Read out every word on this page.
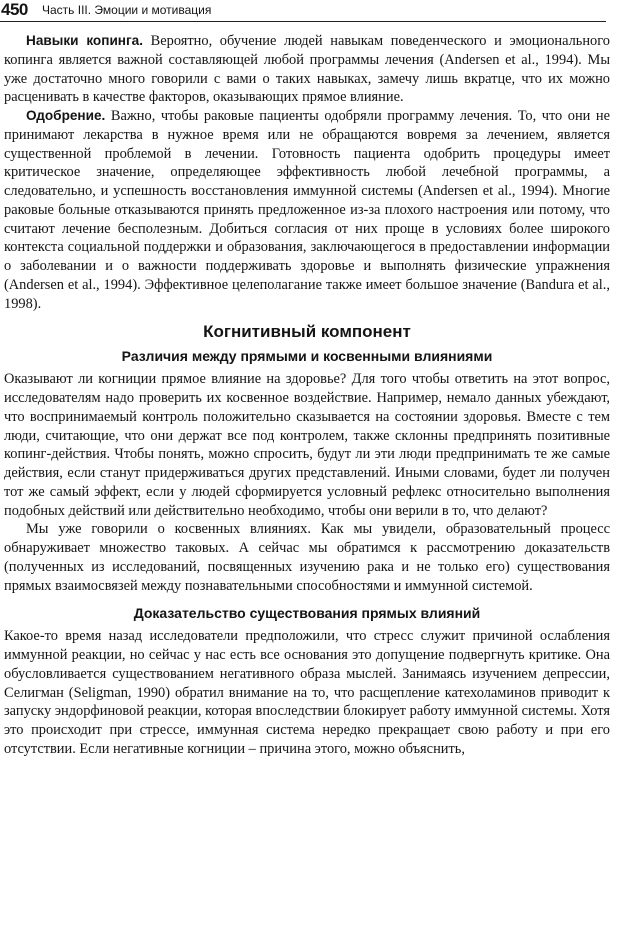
450 Часть III. Эмоции и мотивация

Навыки копинга. Вероятно, обучение людей навыкам поведенческого и эмоционального копинга является важной составляющей любой программы лечения (Andersen et al., 1994). Мы уже достаточно много говорили с вами о таких навыках, замечу лишь вкратце, что их можно расценивать в качестве факторов, оказывающих прямое влияние.

Одобрение. Важно, чтобы раковые пациенты одобряли программу лечения. То, что они не принимают лекарства в нужное время или не обращаются вовремя за лечением, является существенной проблемой в лечении. Готовность пациента одобрить процедуры имеет критическое значение, определяющее эффективность любой лечебной программы, а следовательно, и успешность восстановления иммунной системы (Andersen et al., 1994). Многие раковые больные отказываются принять предложенное из-за плохого настроения или потому, что считают лечение бесполезным. Добиться согласия от них проще в условиях более широкого контекста социальной поддержки и образования, заключающегося в предоставлении информации о заболевании и о важности поддерживать здоровье и выполнять физические упражнения (Andersen et al., 1994). Эффективное целеполагание также имеет большое значение (Bandura et al., 1998).

Когнитивный компонент
Различия между прямыми и косвенными влияниями

Оказывают ли когниции прямое влияние на здоровье? Для того чтобы ответить на этот вопрос, исследователям надо проверить их косвенное воздействие. Например, немало данных убеждают, что воспринимаемый контроль положительно сказывается на состоянии здоровья. Вместе с тем люди, считающие, что они держат все под контролем, также склонны предпринять позитивные копинг-действия. Чтобы понять, можно спросить, будут ли эти люди предпринимать те же самые действия, если станут придерживаться других представлений. Иными словами, будет ли получен тот же самый эффект, если у людей сформируется условный рефлекс относительно выполнения подобных действий или действительно необходимо, чтобы они верили в то, что делают?

Мы уже говорили о косвенных влияниях. Как мы увидели, образовательный процесс обнаруживает множество таковых. А сейчас мы обратимся к рассмотрению доказательств (полученных из исследований, посвященных изучению рака и не только его) существования прямых взаимосвязей между познавательными способностями и иммунной системой.

Доказательство существования прямых влияний

Какое-то время назад исследователи предположили, что стресс служит причиной ослабления иммунной реакции, но сейчас у нас есть все основания это допущение подвергнуть критике. Она обусловливается существованием негативного образа мыслей. Занимаясь изучением депрессии, Селигман (Seligman, 1990) обратил внимание на то, что расщепление катехоламинов приводит к запуску эндорфиновой реакции, которая впоследствии блокирует работу иммунной системы. Хотя это происходит при стрессе, иммунная система нередко прекращает свою работу и при его отсутствии. Если негативные когниции – причина этого, можно объяснить,
